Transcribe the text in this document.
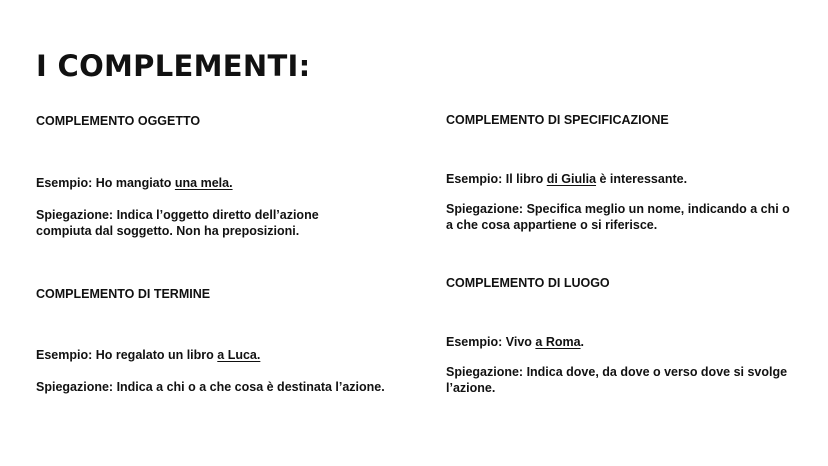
I COMPLEMENTI:

COMPLEMENTO OGGETTO

Esempio: Ho mangiato una mela.

Spiegazione: Indica l’oggetto diretto dell’azione

compiuta dal soggetto. Non ha preposizioni.

COMPLEMENTO DI SPECIFICAZIONE

Esempio: Il libro di Giulia è interessante.

Spiegazione: Specifica meglio un nome, indicando a chi o

a che cosa appartiene o si riferisce.

COMPLEMENTO DI TERMINE

Esempio: Ho regalato un libro a Luca.

Spiegazione: Indica a chi o a che cosa è destinata l’azione.

COMPLEMENTO DI LUOGO

Esempio: Vivo a Roma.

Spiegazione: Indica dove, da dove o verso dove si svolge

l’azione.
